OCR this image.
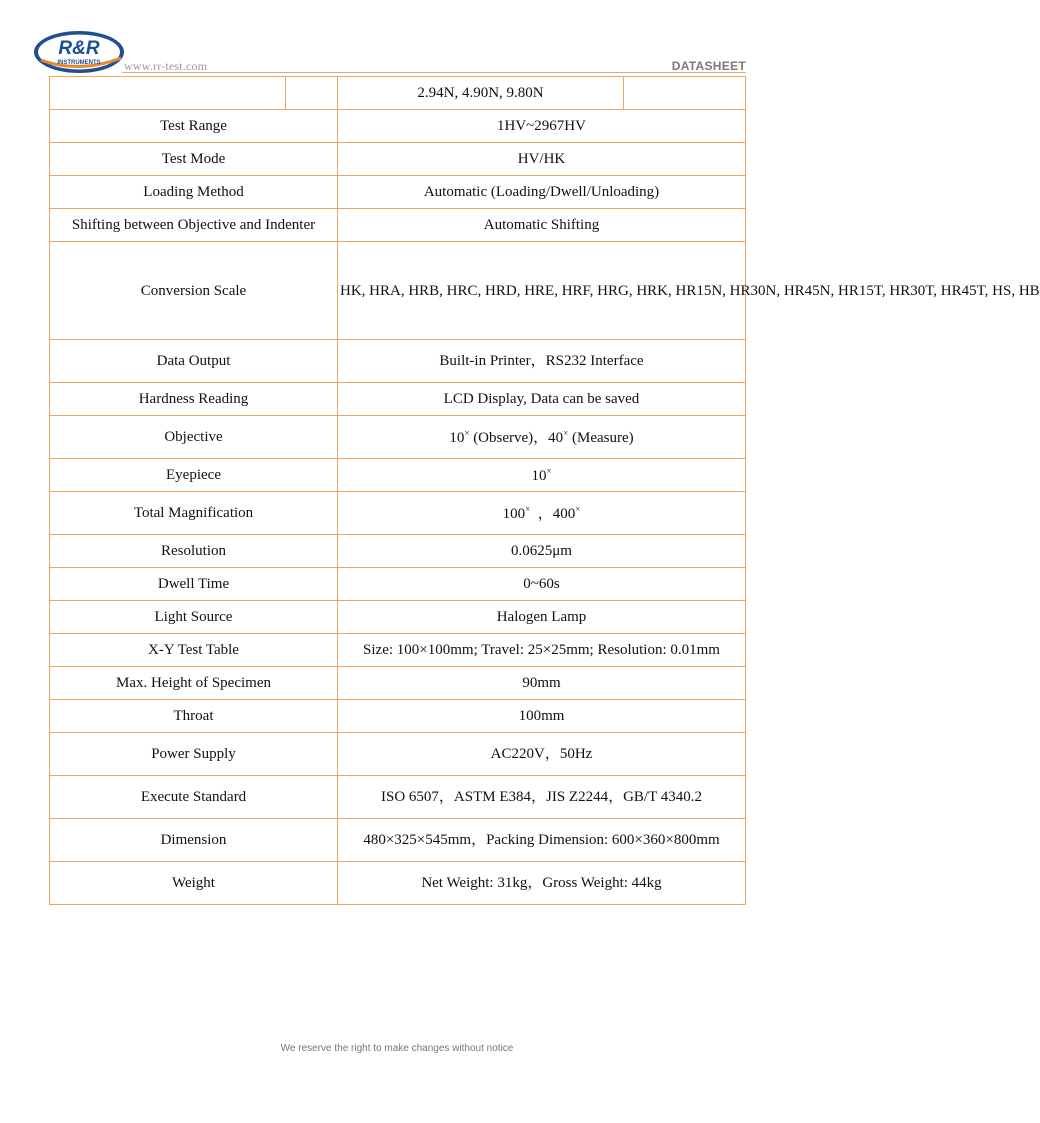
R&R
INSTRUMENTS www.rr-test.com	DATASHEET
		2.94N, 4.90N, 9.80N	
Test Range		1HV~2967HV	
Test Mode		HV/HK	
Loading Method		Automatic (Loading/Dwell/Unloading)	
Shifting between Objective and Indenter		Automatic Shifting	
Conversion Scale		HK, HRA, HRB, HRC, HRD, HRE, HRF, HRG, HRK, HR15N, HR30N, HR45N, HR15T, HR30T, HR45T, HS, HB	
Data Output		Built-in Printer，RS232 Interface	
Hardness Reading		LCD Display, Data can be saved	
Objective		10× (Observe)，40× (Measure)	
Eyepiece		10×
Total Magnification		100×  ，400×
Resolution		0.0625μm	
Dwell Time		0~60s	
Light Source		Halogen Lamp	
X-Y Test Table		Size: 100×100mm; Travel: 25×25mm; Resolution: 0.01mm	
Max. Height of Specimen		90mm	
Throat		100mm	
Power Supply		AC220V，50Hz	
Execute Standard		ISO 6507，ASTM E384，JIS Z2244，GB/T 4340.2	
Dimension		480×325×545mm，Packing Dimension: 600×360×800mm	
Weight		Net Weight: 31kg，Gross Weight: 44kg	
We reserve the right to make changes without notice
